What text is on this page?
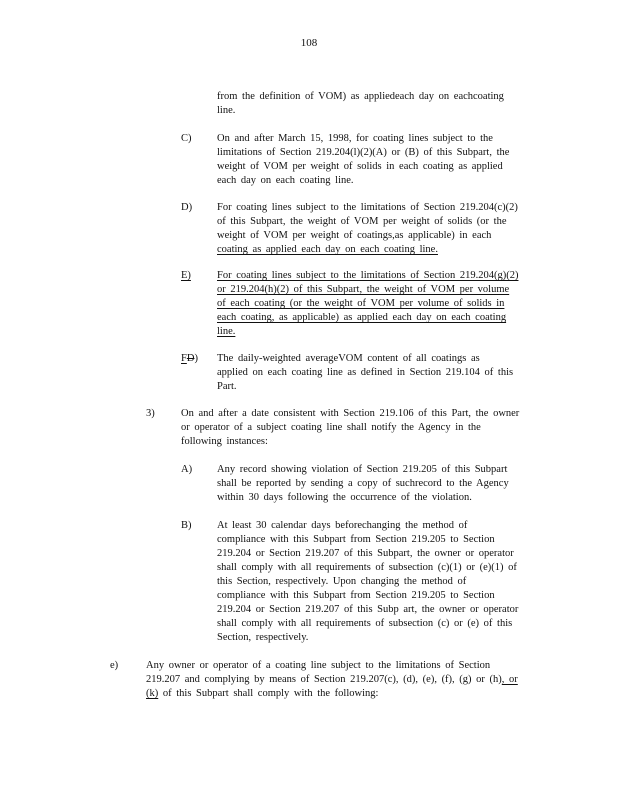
108
from the definition of VOM) as appliedeach day on eachcoating
line.
C) On and after March 15, 1998, for coating lines subject to the
limitations of Section 219.204(l)(2)(A) or (B) of this Subpart, the
weight of VOM per weight of solids in each coating as applied
each day on each coating line.
D) For coating lines subject to the limitations of Section 219.204(c)(2)
of this Subpart, the weight of VOM per weight of solids (or the
weight of VOM per weight of coatings,as applicable) in each
coating as applied each day on each coating line.
E) For coating lines subject to the limitations of Section 219.204(g)(2)
or 219.204(h)(2) of this Subpart, the weight of VOM per volume
of each coating (or the weight of VOM per volume of solids in
each coating, as applicable) as applied each day on each coating
line.
FD) The daily-weighted averageVOM content of all coatings as
applied on each coating line as defined in Section 219.104 of this
Part.
3)	On and after a date consistent with Section 219.106 of this Part, the owner
or operator of a subject coating line shall notify the Agency in the
following instances:
A) Any record showing violation of Section 219.205 of this Subpart
shall be reported by sending a copy of suchrecord to the Agency
within 30 days following the occurrence of the violation.
B) At least 30 calendar days beforechanging the method of
compliance with this Subpart from Section 219.205 to Section
219.204 or Section 219.207 of this Subpart, the owner or operator
shall comply with all requirements of subsection (c)(1) or (e)(1) of
this Section, respectively. Upon changing the method of
compliance with this Subpart from Section 219.205 to Section
219.204 or Section 219.207 of this Subp art, the owner or operator
shall comply with all requirements of subsection (c) or (e) of this
Section, respectively.
e)	Any owner or operator of a coating line subject to the limitations of Section
219.207 and complying by means of Section 219.207(c), (d), (e), (f), (g) or (h), or
(k) of this Subpart shall comply with the following:
